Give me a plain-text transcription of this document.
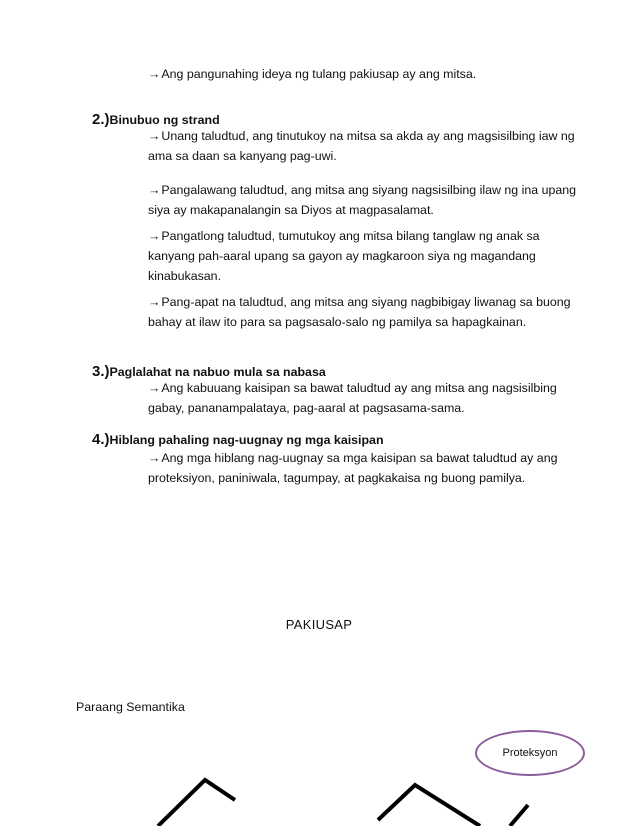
→Ang pangunahing ideya ng tulang pakiusap ay ang mitsa.

2.)Binubuo ng strand

→Unang taludtud, ang tinutukoy na mitsa sa akda ay ang magsisilbing iaw ng ama sa daan sa kanyang pag-uwi.

→Pangalawang taludtud, ang mitsa ang siyang nagsisilbing ilaw ng ina upang siya ay makapanalangin sa Diyos at magpasalamat.

→Pangatlong taludtud, tumutukoy ang mitsa bilang tanglaw ng anak sa kanyang pah-aaral upang sa gayon ay magkaroon siya ng magandang kinabukasan.

→Pang-apat na taludtud, ang mitsa ang siyang nagbibigay liwanag sa buong bahay at ilaw ito para sa pagsasalo-salo ng pamilya sa hapagkainan.

3.)Paglalahat na nabuo mula sa nabasa

→Ang kabuuang kaisipan sa bawat taludtud ay ang mitsa ang nagsisilbing gabay, pananampalataya, pag-aaral at pagsasama-sama.

4.)Hiblang pahaling nag-uugnay ng mga kaisipan

→Ang mga hiblang nag-uugnay sa mga kaisipan sa bawat taludtud ay ang proteksiyon, paniniwala, tagumpay, at pagkakaisa ng buong pamilya.

PAKIUSAP
Paraang Semantika
Proteksyon
